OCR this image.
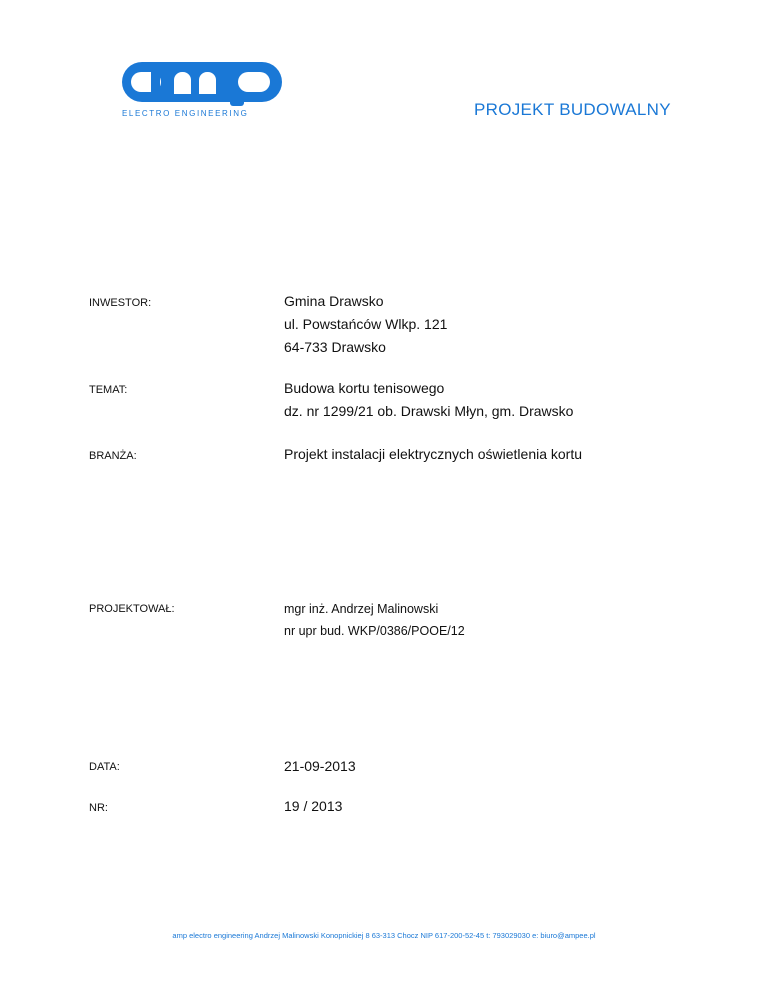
ELECTRO ENGINEERING	PROJEKT BUDOWALNY
INWESTOR:	Gmina Drawsko
ul. Powstańców Wlkp. 121
64-733 Drawsko
TEMAT:	Budowa kortu tenisowego
dz. nr 1299/21 ob. Drawski Młyn, gm. Drawsko
BRANŻA:	Projekt instalacji elektrycznych oświetlenia kortu
PROJEKTOWAŁ:	mgr inż. Andrzej Malinowski
nr upr bud. WKP/0386/POOE/12
DATA:	21-09-2013
NR:	19 / 2013
amp electro engineering Andrzej Malinowski Konopnickiej 8 63-313 Chocz NIP 617-200-52-45 t: 793029030 e: biuro@ampee.pl
